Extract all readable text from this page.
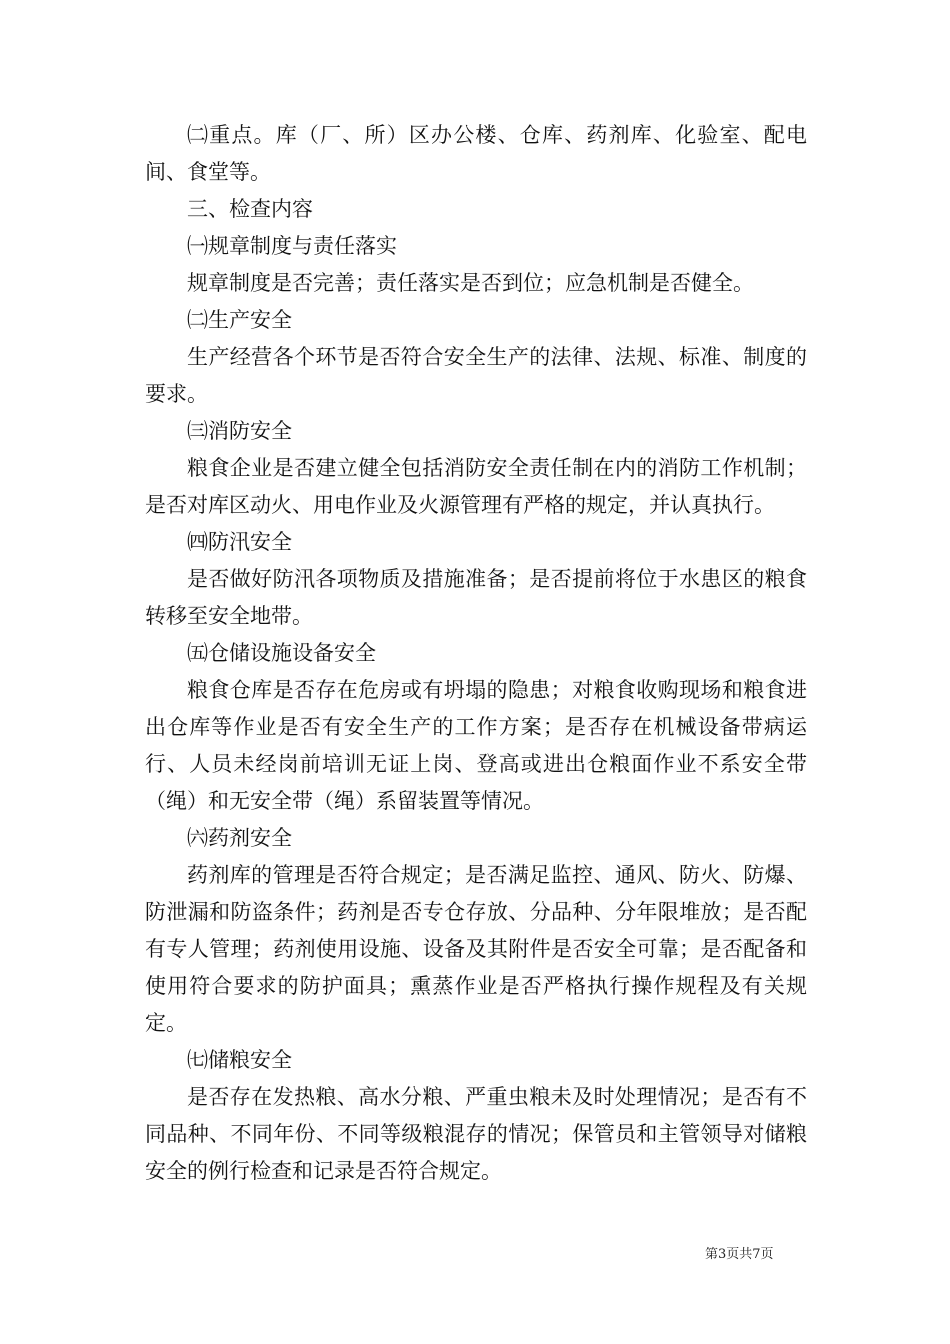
㈡重点。库（厂、所）区办公楼、仓库、药剂库、化验室、配电间、食堂等。

三、检查内容

㈠规章制度与责任落实

规章制度是否完善；责任落实是否到位；应急机制是否健全。

㈡生产安全

生产经营各个环节是否符合安全生产的法律、法规、标准、制度的要求。

㈢消防安全

粮食企业是否建立健全包括消防安全责任制在内的消防工作机制；是否对库区动火、用电作业及火源管理有严格的规定，并认真执行。

㈣防汛安全

是否做好防汛各项物质及措施准备；是否提前将位于水患区的粮食转移至安全地带。

㈤仓储设施设备安全

粮食仓库是否存在危房或有坍塌的隐患；对粮食收购现场和粮食进出仓库等作业是否有安全生产的工作方案；是否存在机械设备带病运行、人员未经岗前培训无证上岗、登高或进出仓粮面作业不系安全带（绳）和无安全带（绳）系留装置等情况。

㈥药剂安全

药剂库的管理是否符合规定；是否满足监控、通风、防火、防爆、防泄漏和防盗条件；药剂是否专仓存放、分品种、分年限堆放；是否配有专人管理；药剂使用设施、设备及其附件是否安全可靠；是否配备和使用符合要求的防护面具；熏蒸作业是否严格执行操作规程及有关规定。

㈦储粮安全

是否存在发热粮、高水分粮、严重虫粮未及时处理情况；是否有不同品种、不同年份、不同等级粮混存的情况；保管员和主管领导对储粮安全的例行检查和记录是否符合规定。

第3页共7页
